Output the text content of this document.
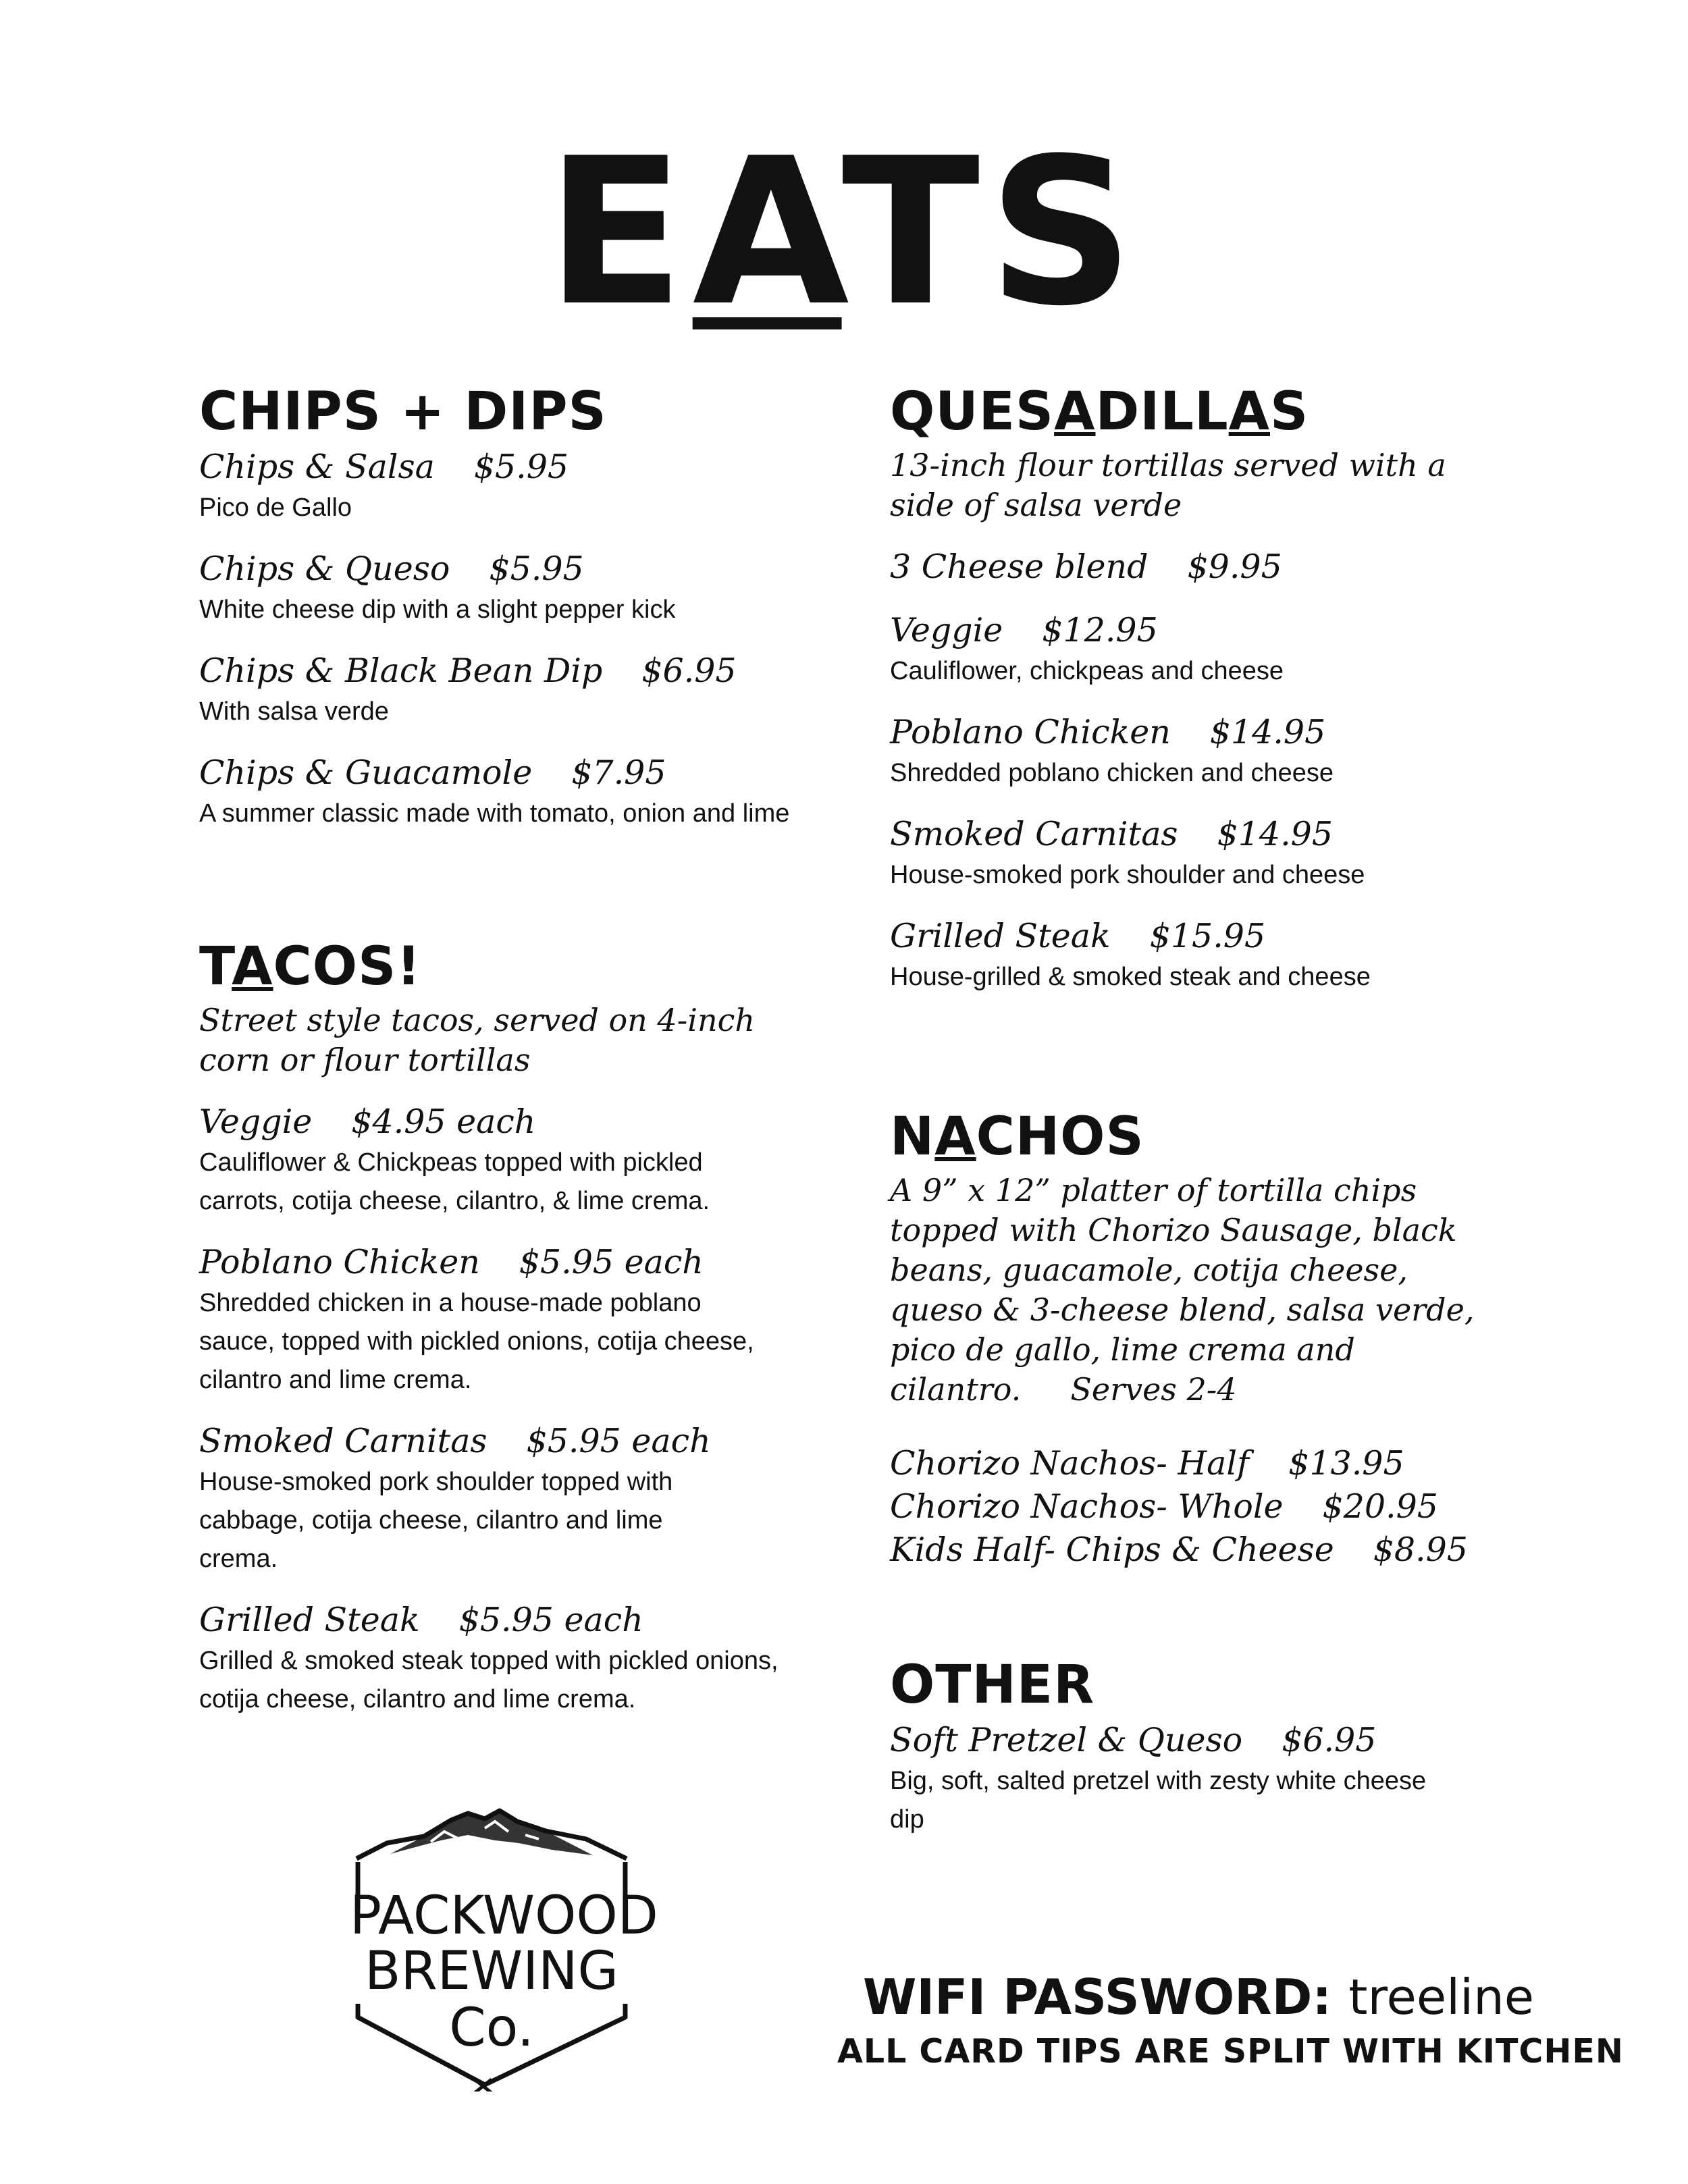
EATS
CHIPS + DIPS
Chips & Salsa $5.95
Pico de Gallo
Chips & Queso $5.95
White cheese dip with a slight pepper kick
Chips & Black Bean Dip $6.95
With salsa verde
Chips & Guacamole $7.95
A summer classic made with tomato, onion and lime
TACOS!
Street style tacos, served on 4-inch corn or flour tortillas
Veggie $4.95 each
Cauliflower & Chickpeas topped with pickled carrots, cotija cheese, cilantro, & lime crema.
Poblano Chicken $5.95 each
Shredded chicken in a house-made poblano sauce, topped with pickled onions, cotija cheese, cilantro and lime crema.
Smoked Carnitas $5.95 each
House-smoked pork shoulder topped with cabbage, cotija cheese, cilantro and lime crema.
Grilled Steak $5.95 each
Grilled & smoked steak topped with pickled onions, cotija cheese, cilantro and lime crema.
QUESADILLAS
13-inch flour tortillas served with a side of salsa verde
3 Cheese blend $9.95
Veggie $12.95
Cauliflower, chickpeas and cheese
Poblano Chicken $14.95
Shredded poblano chicken and cheese
Smoked Carnitas $14.95
House-smoked pork shoulder and cheese
Grilled Steak $15.95
House-grilled & smoked steak and cheese
NACHOS
A 9” x 12” platter of tortilla chips topped with Chorizo Sausage, black beans, guacamole, cotija cheese, queso & 3-cheese blend, salsa verde, pico de gallo, lime crema and cilantro. Serves 2-4
Chorizo Nachos- Half $13.95
Chorizo Nachos- Whole $20.95
Kids Half- Chips & Cheese $8.95
OTHER
Soft Pretzel & Queso $6.95
Big, soft, salted pretzel with zesty white cheese dip
PACKWOOD
BREWING Co.
WIFI PASSWORD: treeline
ALL CARD TIPS ARE SPLIT WITH KITCHEN
